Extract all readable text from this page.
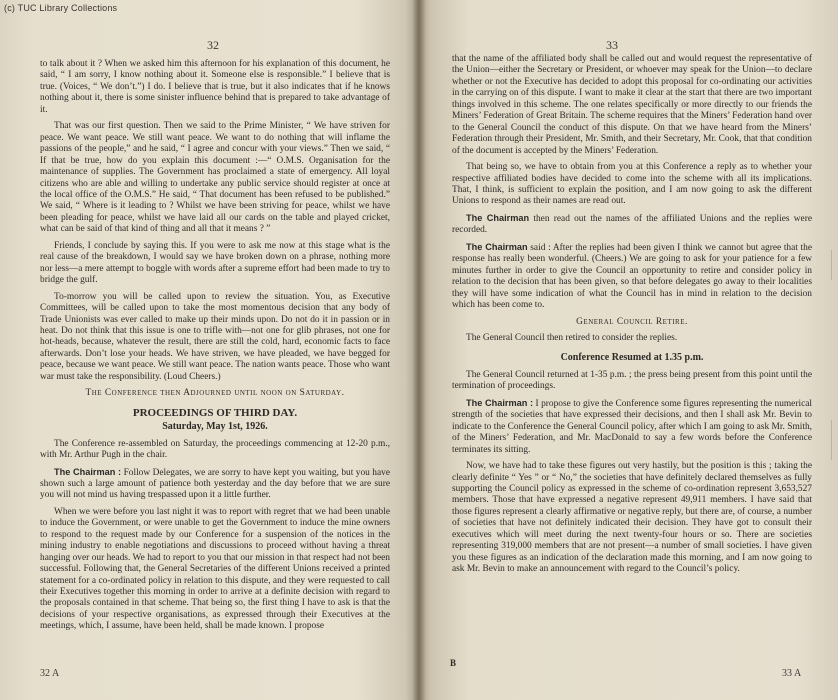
32

to talk about it ? When we asked him this afternoon for his explanation of this document, he said, “ I am sorry, I know nothing about it. Someone else is responsible.” I believe that is true. (Voices, “ We don’t.”) I do. I believe that is true, but it also indicates that if he knows nothing about it, there is some sinister influence behind that is prepared to take advantage of it.

That was our first question. Then we said to the Prime Minister, “ We have striven for peace. We want peace. We still want peace. We want to do nothing that will inflame the passions of the people,” and he said, “ I agree and concur with your views.” Then we said, “ If that be true, how do you explain this document :—“ O.M.S. Organisation for the maintenance of supplies. The Government has proclaimed a state of emergency. All loyal citizens who are able and willing to undertake any public service should register at once at the local office of the O.M.S.” He said, “ That document has been refused to be published.” We said, “ Where is it leading to ? Whilst we have been striving for peace, whilst we have been pleading for peace, whilst we have laid all our cards on the table and played cricket, what can be said of that kind of thing and all that it means ? ”

Friends, I conclude by saying this. If you were to ask me now at this stage what is the real cause of the breakdown, I would say we have broken down on a phrase, nothing more nor less—a mere attempt to boggle with words after a supreme effort had been made to try to bridge the gulf.

To-morrow you will be called upon to review the situation. You, as Executive Committees, will be called upon to take the most momentous decision that any body of Trade Unionists was ever called to make up their minds upon. Do not do it in passion or in heat. Do not think that this issue is one to trifle with—not one for glib phrases, not one for hot-heads, because, whatever the result, there are still the cold, hard, economic facts to face afterwards. Don’t lose your heads. We have striven, we have pleaded, we have begged for peace, because we want peace. We still want peace. The nation wants peace. Those who want war must take the responsibility. (Loud Cheers.)

The Conference then Adjourned until noon on Saturday.

PROCEEDINGS OF THIRD DAY.
Saturday, May 1st, 1926.

The Conference re-assembled on Saturday, the proceedings commencing at 12-20 p.m., with Mr. Arthur Pugh in the chair.

The Chairman : Follow Delegates, we are sorry to have kept you waiting, but you have shown such a large amount of patience both yesterday and the day before that we are sure you will not mind us having trespassed upon it a little further.

When we were before you last night it was to report with regret that we had been unable to induce the Government, or were unable to get the Government to induce the mine owners to respond to the request made by our Conference for a suspension of the notices in the mining industry to enable negotiations and discussions to proceed without having a threat hanging over our heads. We had to report to you that our mission in that respect had not been successful. Following that, the General Secretaries of the different Unions received a printed statement for a co-ordinated policy in relation to this dispute, and they were requested to call their Executives together this morning in order to arrive at a definite decision with regard to the proposals contained in that scheme. That being so, the first thing I have to ask is that the decisions of your respective organisations, as expressed through their Executives at the meetings, which, I assume, have been held, shall be made known. I propose

32 A
33

that the name of the affiliated body shall be called out and would request the representative of the Union—either the Secretary or President, or whoever may speak for the Union—to declare whether or not the Executive has decided to adopt this proposal for co-ordinating our activities in the carrying on of this dispute. I want to make it clear at the start that there are two important things involved in this scheme. The one relates specifically or more directly to our friends the Miners’ Federation of Great Britain. The scheme requires that the Miners’ Federation hand over to the General Council the conduct of this dispute. On that we have heard from the Miners’ Federation through their President, Mr. Smith, and their Secretary, Mr. Cook, that that condition of the document is accepted by the Miners’ Federation.

That being so, we have to obtain from you at this Conference a reply as to whether your respective affiliated bodies have decided to come into the scheme with all its implications. That, I think, is sufficient to explain the position, and I am now going to ask the different Unions to respond as their names are read out.

The Chairman then read out the names of the affiliated Unions and the replies were recorded.

The Chairman said : After the replies had been given I think we cannot but agree that the response has really been wonderful. (Cheers.) We are going to ask for your patience for a few minutes further in order to give the Council an opportunity to retire and consider policy in relation to the decision that has been given, so that before delegates go away to their localities they will have some indication of what the Council has in mind in relation to the decision which has been come to.

General Council Retire.

The General Council then retired to consider the replies.

Conference Resumed at 1.35 p.m.

The General Council returned at 1-35 p.m. ; the press being present from this point until the termination of proceedings.

The Chairman : I propose to give the Conference some figures representing the numerical strength of the societies that have expressed their decisions, and then I shall ask Mr. Bevin to indicate to the Conference the General Council policy, after which I am going to ask Mr. Smith, of the Miners’ Federation, and Mr. MacDonald to say a few words before the Conference terminates its sitting.

Now, we have had to take these figures out very hastily, but the position is this ; taking the clearly definite “ Yes ” or “ No,” the societies that have definitely declared themselves as fully supporting the Council policy as expressed in the scheme of co-ordination represent 3,653,527 members. Those that have expressed a negative represent 49,911 members. I have said that those figures represent a clearly affirmative or negative reply, but there are, of course, a number of societies that have not definitely indicated their decision. They have got to consult their executives which will meet during the next twenty-four hours or so. There are societies representing 319,000 members that are not present—a number of small societies. I have given you these figures as an indication of the declaration made this morning, and I am now going to ask Mr. Bevin to make an announcement with regard to the Council’s policy.

B
33 A
(c) TUC Library Collections
